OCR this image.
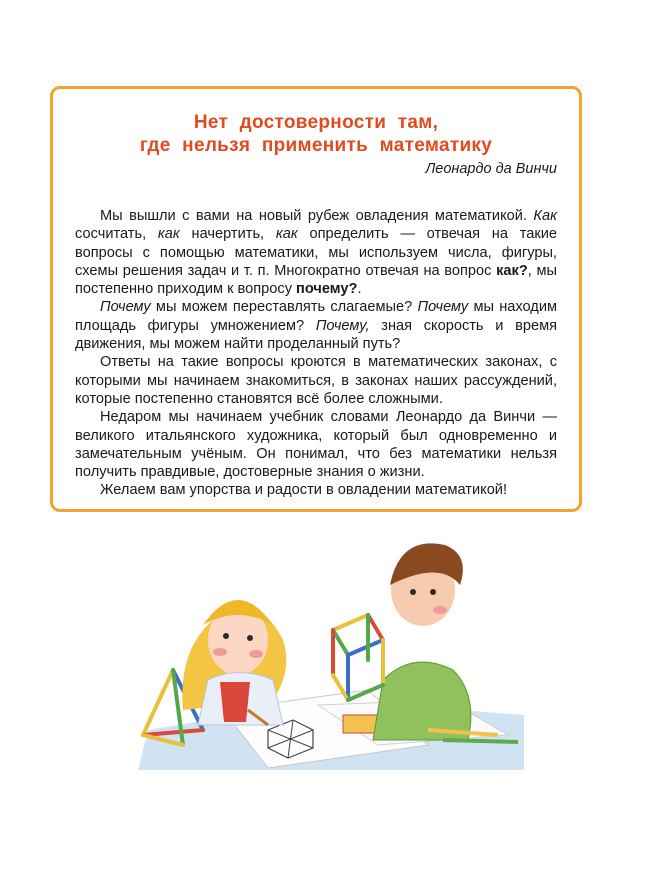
Нет достоверности там,
где нельзя применить математику
Леонардо да Винчи

Мы вышли с вами на новый рубеж овладения математикой. Как сосчитать, как начертить, как определить — отвечая на такие вопросы с помощью математики, мы используем числа, фигуры, схемы решения задач и т. п. Многократно отвечая на вопрос как?, мы постепенно приходим к вопросу почему?.

Почему мы можем переставлять слагаемые? Почему мы находим площадь фигуры умножением? Почему, зная скорость и время движения, мы можем найти проделанный путь?

Ответы на такие вопросы кроются в математических законах, с которыми мы начинаем знакомиться, в законах наших рассуждений, которые постепенно становятся всё более сложными.

Недаром мы начинаем учебник словами Леонардо да Винчи — великого итальянского художника, который был одновременно и замечательным учёным. Он понимал, что без математики нельзя получить правдивые, достоверные знания о жизни.

Желаем вам упорства и радости в овладении математикой!
